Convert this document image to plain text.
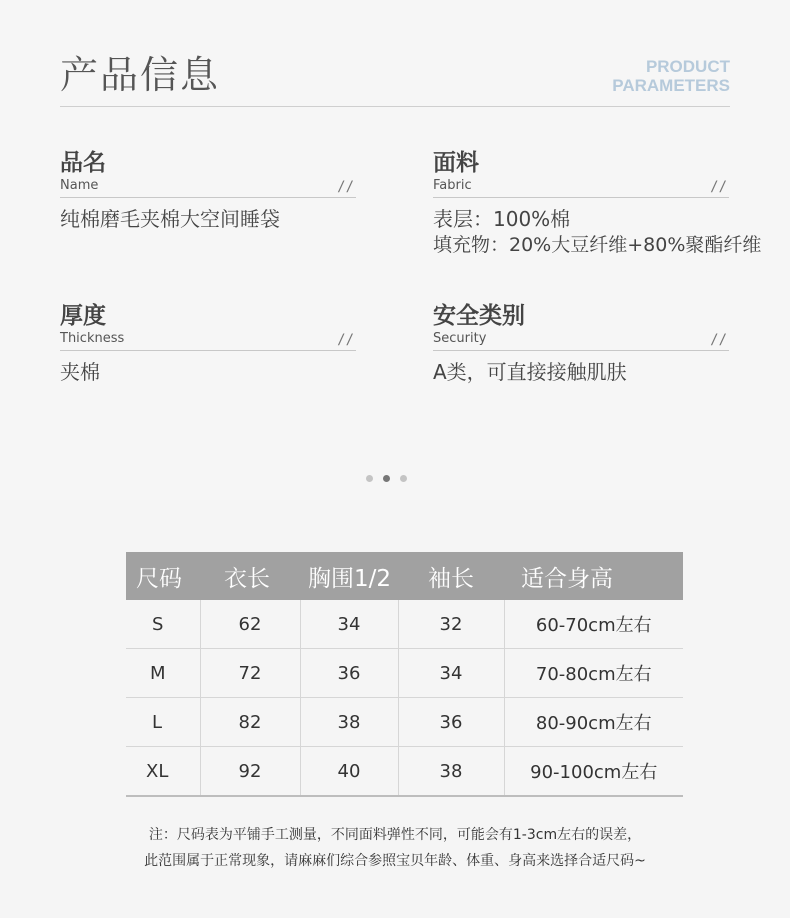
产品信息	PRODUCT
PARAMETERS
品名
Name	//
纯棉磨毛夹棉大空间睡袋
面料
Fabric	//
表层：100%棉
填充物：20%大豆纤维+80%聚酯纤维
厚度
Thickness	//
夹棉
安全类别
Security	//
A类，可直接接触肌肤
尺码	衣长	胸围1/2	袖长	适合身高
S	62	34	32	60-70cm左右
M	72	36	34	70-80cm左右
L	82	38	36	80-90cm左右
XL	92	40	38	90-100cm左右
注：尺码表为平铺手工测量，不同面料弹性不同，可能会有1-3cm左右的误差，
此范围属于正常现象，请麻麻们综合参照宝贝年龄、体重、身高来选择合适尺码~
